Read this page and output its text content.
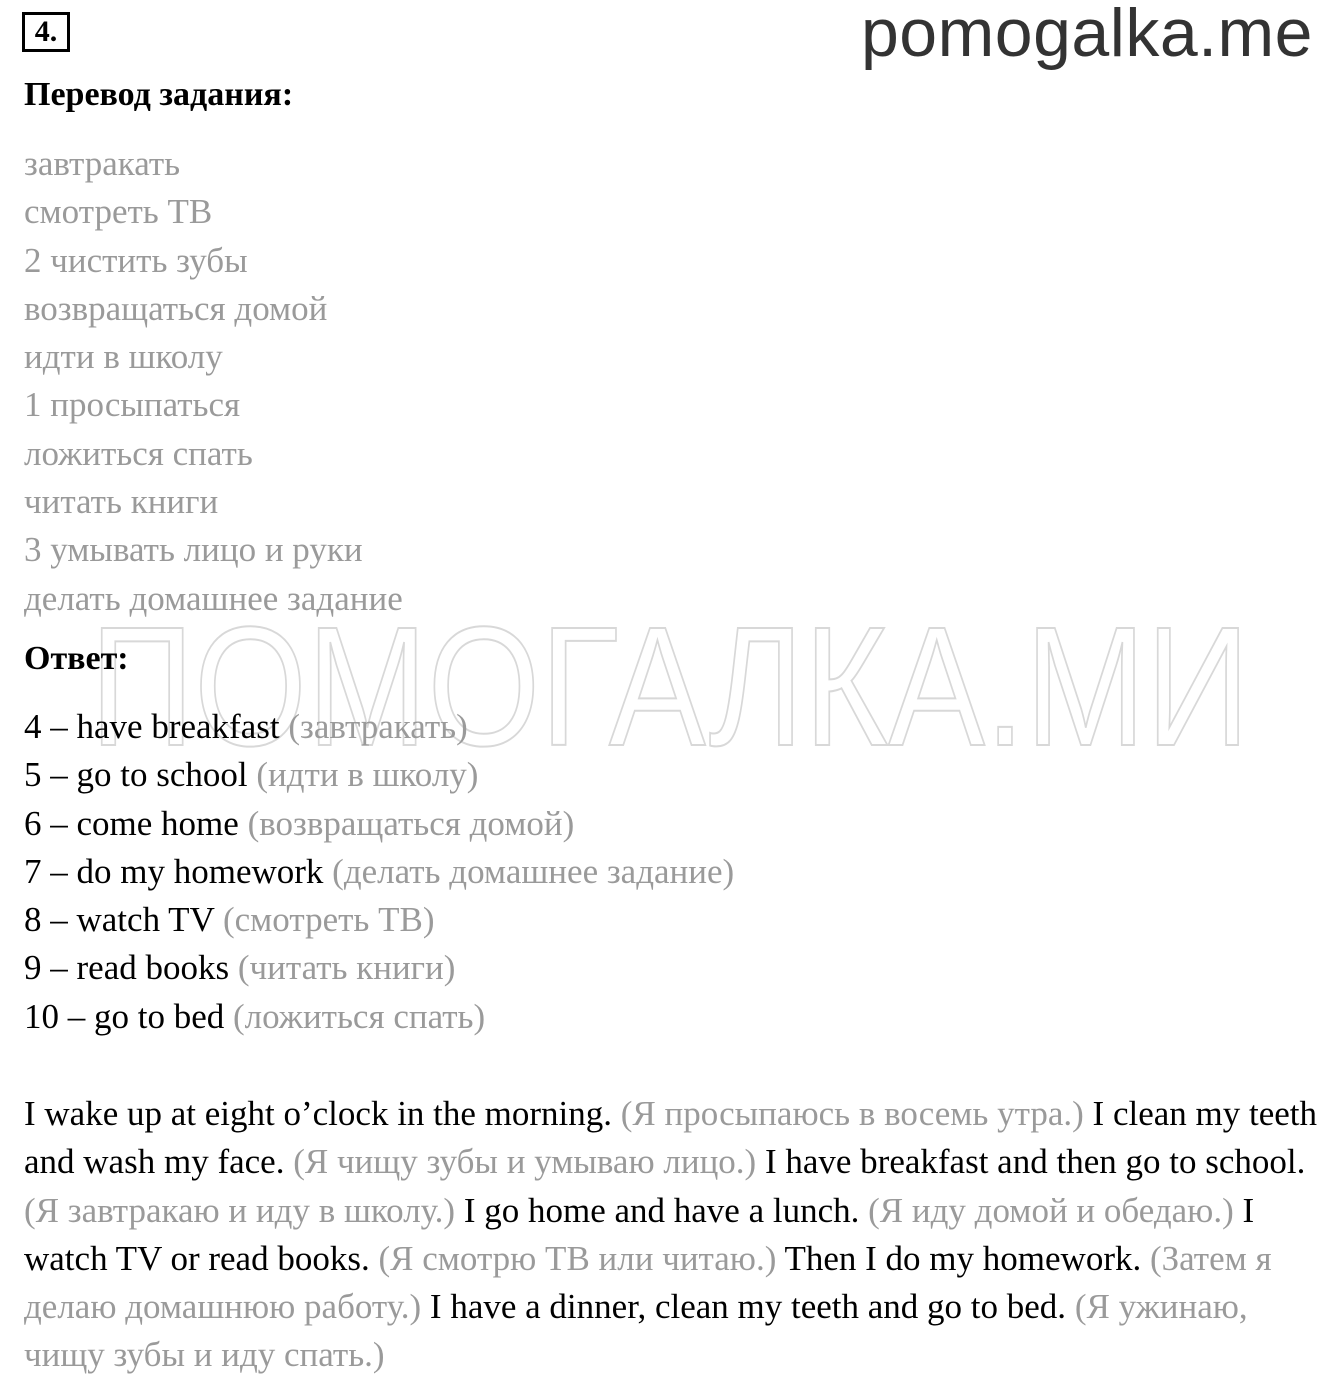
4.	pomogalka.me
ПОМОГАЛКА.МИ
Перевод задания:
завтракать
смотреть ТВ
2 чистить зубы
возвращаться домой
идти в школу
1 просыпаться
ложиться спать
читать книги
3 умывать лицо и руки
делать домашнее задание
Ответ:
4 – have breakfast (завтракать)
5 – go to school (идти в школу)
6 – come home (возвращаться домой)
7 – do my homework (делать домашнее задание)
8 – watch TV (смотреть ТВ)
9 – read books (читать книги)
10 – go to bed (ложиться спать)

I wake up at eight o’clock in the morning. (Я просыпаюсь в восемь утра.) I clean my teeth and wash my face. (Я чищу зубы и умываю лицо.) I have breakfast and then go to school. (Я завтракаю и иду в школу.) I go home and have a lunch. (Я иду домой и обедаю.) I watch TV or read books. (Я смотрю ТВ или читаю.) Then I do my homework. (Затем я делаю домашнюю работу.) I have a dinner, clean my teeth and go to bed. (Я ужинаю, чищу зубы и иду спать.)
